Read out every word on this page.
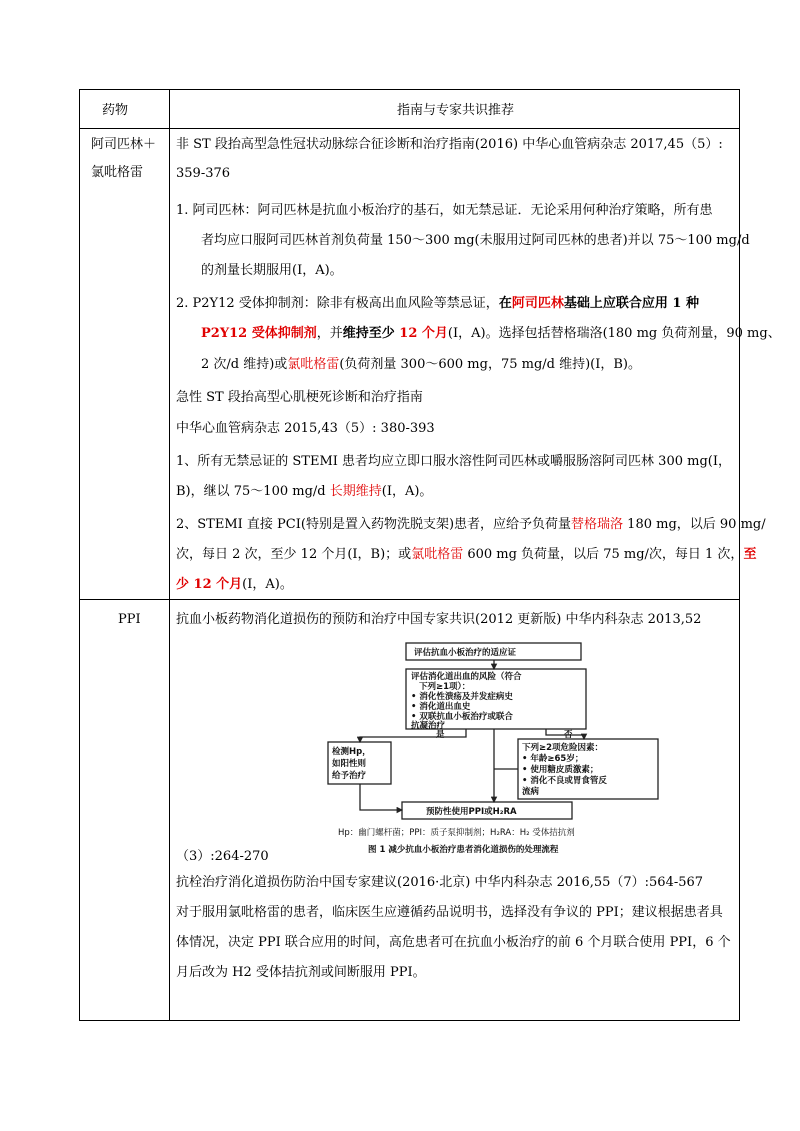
药物	指南与专家共识推荐
阿司匹林＋
氯吡格雷
非 ST 段抬高型急性冠状动脉综合征诊断和治疗指南(2016) 中华心血管病杂志 2017,45（5）:
359-376
1. 阿司匹林：阿司匹林是抗血小板治疗的基石，如无禁忌证．无论采用何种治疗策略，所有患
者均应口服阿司匹林首剂负荷量 150～300 mg(未服用过阿司匹林的患者)并以 75～100 mg/d
的剂量长期服用(I，A)。
2. P2Y12 受体抑制剂：除非有极高出血风险等禁忌证，在阿司匹林基础上应联合应用 1 种
P2Y12 受体抑制剂，并维持至少 12 个月(I，A)。选择包括替格瑞洛(180 mg 负荷剂量，90 mg、
2 次/d 维持)或氯吡格雷(负荷剂量 300～600 mg，75 mg/d 维持)(I，B)。
急性 ST 段抬高型心肌梗死诊断和治疗指南
中华心血管病杂志 2015,43（5）: 380-393
1、所有无禁忌证的 STEMI 患者均应立即口服水溶性阿司匹林或嚼服肠溶阿司匹林 300 mg(I，
B)，继以 75～100 mg/d 长期维持(I，A)。
2、STEMI 直接 PCI(特别是置入药物洗脱支架)患者，应给予负荷量替格瑞洛 180 mg，以后 90 mg/
次，每日 2 次，至少 12 个月(I，B)；或氯吡格雷 600 mg 负荷量，以后 75 mg/次，每日 1 次，至
少 12 个月(I，A)。
PPI	抗血小板药物消化道损伤的预防和治疗中国专家共识(2012 更新版) 中华内科杂志 2013,52
评估抗血小板治疗的适应证
评估消化道出血的风险（符合
下列≥1项）：
• 消化性溃疡及并发症病史
• 消化道出血史
• 双联抗血小板治疗或联合
抗凝治疗
是	否
下列≥2项危险因素：
• 年龄≥65岁；
• 使用糖皮质激素；
• 消化不良或胃食管反
流病
检测Hp，
如阳性则
给予治疗
预防性使用PPI或H₂RA
Hp：幽门螺杆菌；PPI：质子泵抑制剂；H₂RA：H₂ 受体拮抗剂
图 1 减少抗血小板治疗患者消化道损伤的处理流程
（3）:264-270
抗栓治疗消化道损伤防治中国专家建议(2016·北京) 中华内科杂志 2016,55（7）:564-567
对于服用氯吡格雷的患者，临床医生应遵循药品说明书，选择没有争议的 PPI；建议根据患者具
体情况，决定 PPI 联合应用的时间，高危患者可在抗血小板治疗的前 6 个月联合使用 PPI，6 个
月后改为 H2 受体拮抗剂或间断服用 PPI。
